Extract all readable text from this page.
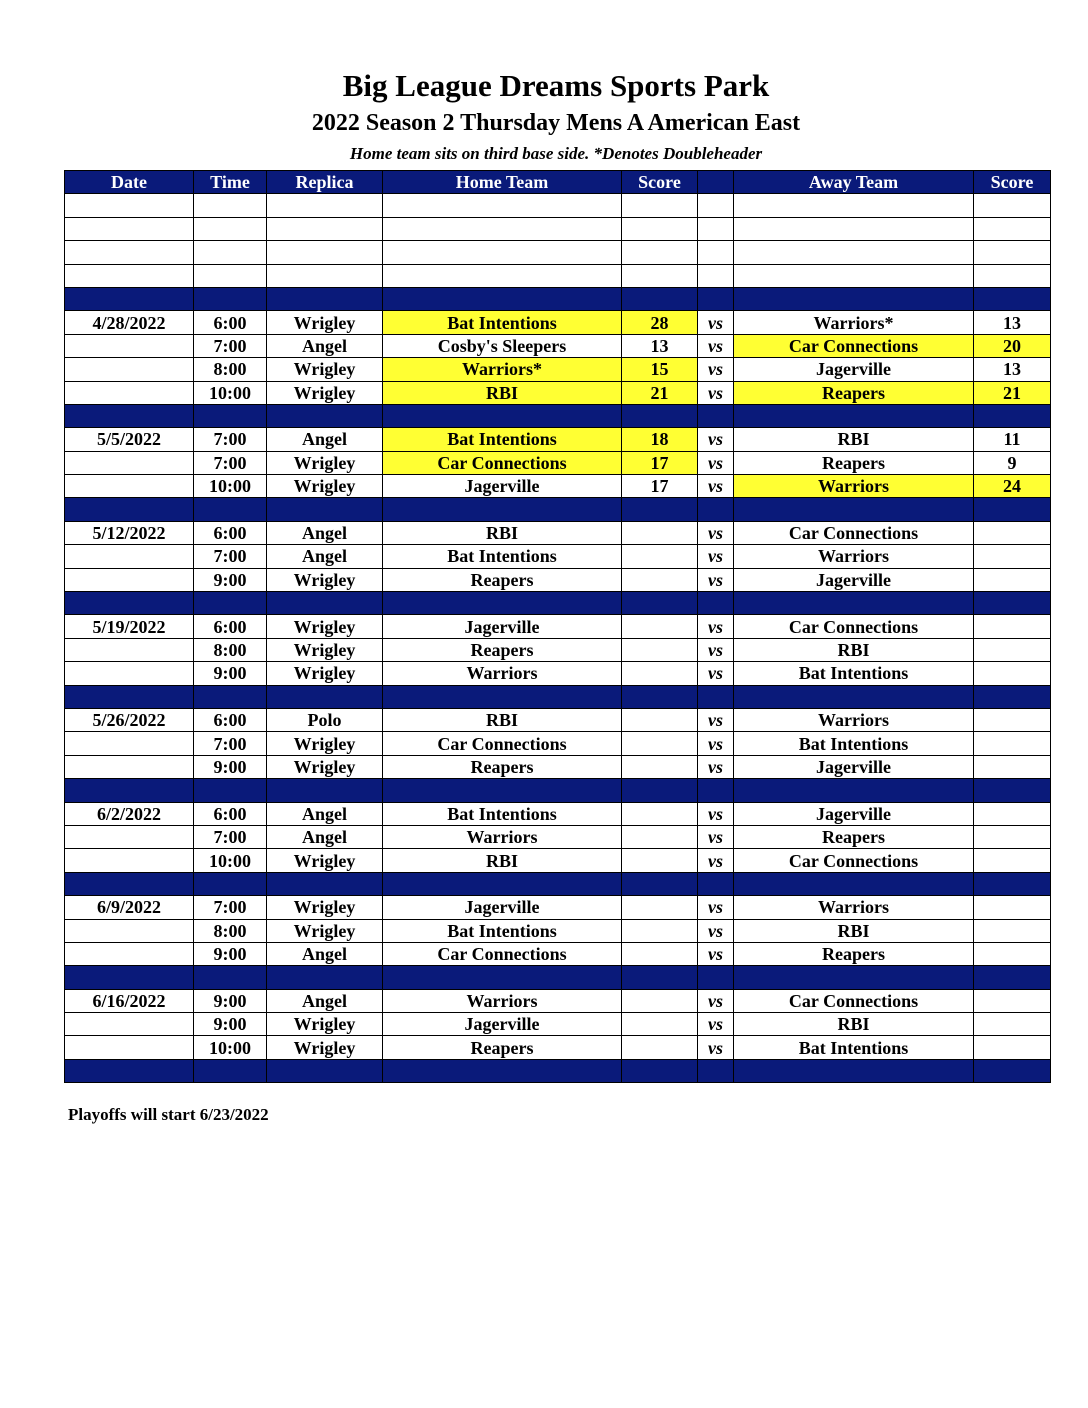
Big League Dreams Sports Park
2022 Season 2 Thursday Mens A American East
Home team sits on third base side. *Denotes Doubleheader
Date	Time	Replica	Home Team	Score		Away Team	Score

4/28/2022	6:00	Wrigley	Bat Intentions	28	vs	Warriors*	13
	7:00	Angel	Cosby's Sleepers	13	vs	Car Connections	20
	8:00	Wrigley	Warriors*	15	vs	Jagerville	13
	10:00	Wrigley	RBI	21	vs	Reapers	21

5/5/2022	7:00	Angel	Bat Intentions	18	vs	RBI	11
	7:00	Wrigley	Car Connections	17	vs	Reapers	9
	10:00	Wrigley	Jagerville	17	vs	Warriors	24

5/12/2022	6:00	Angel	RBI		vs	Car Connections	
	7:00	Angel	Bat Intentions		vs	Warriors	
	9:00	Wrigley	Reapers		vs	Jagerville	

5/19/2022	6:00	Wrigley	Jagerville		vs	Car Connections	
	8:00	Wrigley	Reapers		vs	RBI	
	9:00	Wrigley	Warriors		vs	Bat Intentions	

5/26/2022	6:00	Polo	RBI		vs	Warriors	
	7:00	Wrigley	Car Connections		vs	Bat Intentions	
	9:00	Wrigley	Reapers		vs	Jagerville	

6/2/2022	6:00	Angel	Bat Intentions		vs	Jagerville	
	7:00	Angel	Warriors		vs	Reapers	
	10:00	Wrigley	RBI		vs	Car Connections	

6/9/2022	7:00	Wrigley	Jagerville		vs	Warriors	
	8:00	Wrigley	Bat Intentions		vs	RBI	
	9:00	Angel	Car Connections		vs	Reapers	

6/16/2022	9:00	Angel	Warriors		vs	Car Connections	
	9:00	Wrigley	Jagerville		vs	RBI	
	10:00	Wrigley	Reapers		vs	Bat Intentions	

Playoffs will start 6/23/2022
